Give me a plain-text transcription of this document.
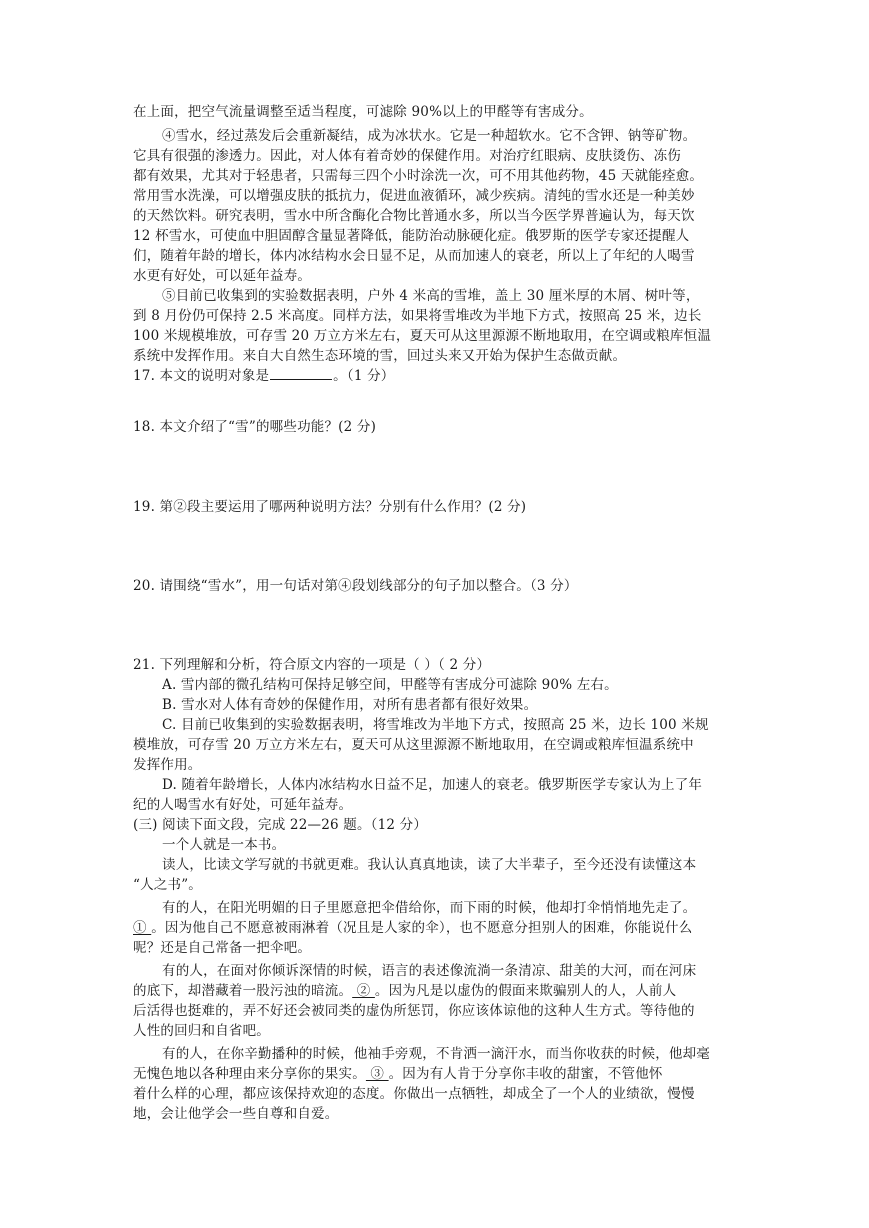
在上面，把空气流量调整至适当程度，可滤除 90%以上的甲醛等有害成分。
④雪水，经过蒸发后会重新凝结，成为冰状水。它是一种超软水。它不含钾、钠等矿物。
它具有很强的渗透力。因此，对人体有着奇妙的保健作用。对治疗红眼病、皮肤烫伤、冻伤
都有效果，尤其对于轻患者，只需每三四个小时涂洗一次，可不用其他药物，45 天就能痊愈。
常用雪水洗澡，可以增强皮肤的抵抗力，促进血液循环，减少疾病。清纯的雪水还是一种美妙
的天然饮料。研究表明，雪水中所含酶化合物比普通水多，所以当今医学界普遍认为，每天饮
12 杯雪水，可使血中胆固醇含量显著降低，能防治动脉硬化症。俄罗斯的医学专家还提醒人
们，随着年龄的增长，体内冰结构水会日显不足，从而加速人的衰老，所以上了年纪的人喝雪
水更有好处，可以延年益寿。
⑤目前已收集到的实验数据表明，户外 4 米高的雪堆，盖上 30 厘米厚的木屑、树叶等，
到 8 月份仍可保持 2.5 米高度。同样方法，如果将雪堆改为半地下方式，按照高 25 米，边长
100 米规模堆放，可存雪 20 万立方米左右，夏天可从这里源源不断地取用，在空调或粮库恒温
系统中发挥作用。来自大自然生态环境的雪，回过头来又开始为保护生态做贡献。
17. 本文的说明对象是	。（1 分）
18. 本文介绍了“雪”的哪些功能？(2 分)
19. 第②段主要运用了哪两种说明方法？分别有什么作用？(2 分)
20. 请围绕“雪水”，用一句话对第④段划线部分的句子加以整合。（3 分）
21. 下列理解和分析，符合原文内容的一项是（ ）（ 2 分）
A. 雪内部的微孔结构可保持足够空间，甲醛等有害成分可滤除 90% 左右。
B. 雪水对人体有奇妙的保健作用，对所有患者都有很好效果。
C. 目前已收集到的实验数据表明，将雪堆改为半地下方式，按照高 25 米，边长 100 米规
模堆放，可存雪 20 万立方米左右，夏天可从这里源源不断地取用，在空调或粮库恒温系统中
发挥作用。
D. 随着年龄增长，人体内冰结构水日益不足，加速人的衰老。俄罗斯医学专家认为上了年
纪的人喝雪水有好处，可延年益寿。
(三) 阅读下面文段，完成 22—26 题。（12 分）
一个人就是一本书。
读人，比读文学写就的书就更难。我认认真真地读，读了大半辈子，至今还没有读懂这本
“人之书”。
有的人，在阳光明媚的日子里愿意把伞借给你，而下雨的时候，他却打伞悄悄地先走了。
① 。因为他自己不愿意被雨淋着（况且是人家的伞），也不愿意分担别人的困难，你能说什么
呢？还是自己常备一把伞吧。
有的人，在面对你倾诉深情的时候，语言的表述像流淌一条清凉、甜美的大河，而在河床
的底下，却潜藏着一股污浊的暗流。 ② 。因为凡是以虚伪的假面来欺骗别人的人，人前人
后活得也挺难的，弄不好还会被同类的虚伪所惩罚，你应该体谅他的这种人生方式。等待他的
人性的回归和自省吧。
有的人，在你辛勤播种的时候，他袖手旁观，不肯洒一滴汗水，而当你收获的时候，他却毫
无愧色地以各种理由来分享你的果实。 ③ 。因为有人肯于分享你丰收的甜蜜，不管他怀
着什么样的心理，都应该保持欢迎的态度。你做出一点牺牲，却成全了一个人的业绩欲，慢慢
地，会让他学会一些自尊和自爱。
